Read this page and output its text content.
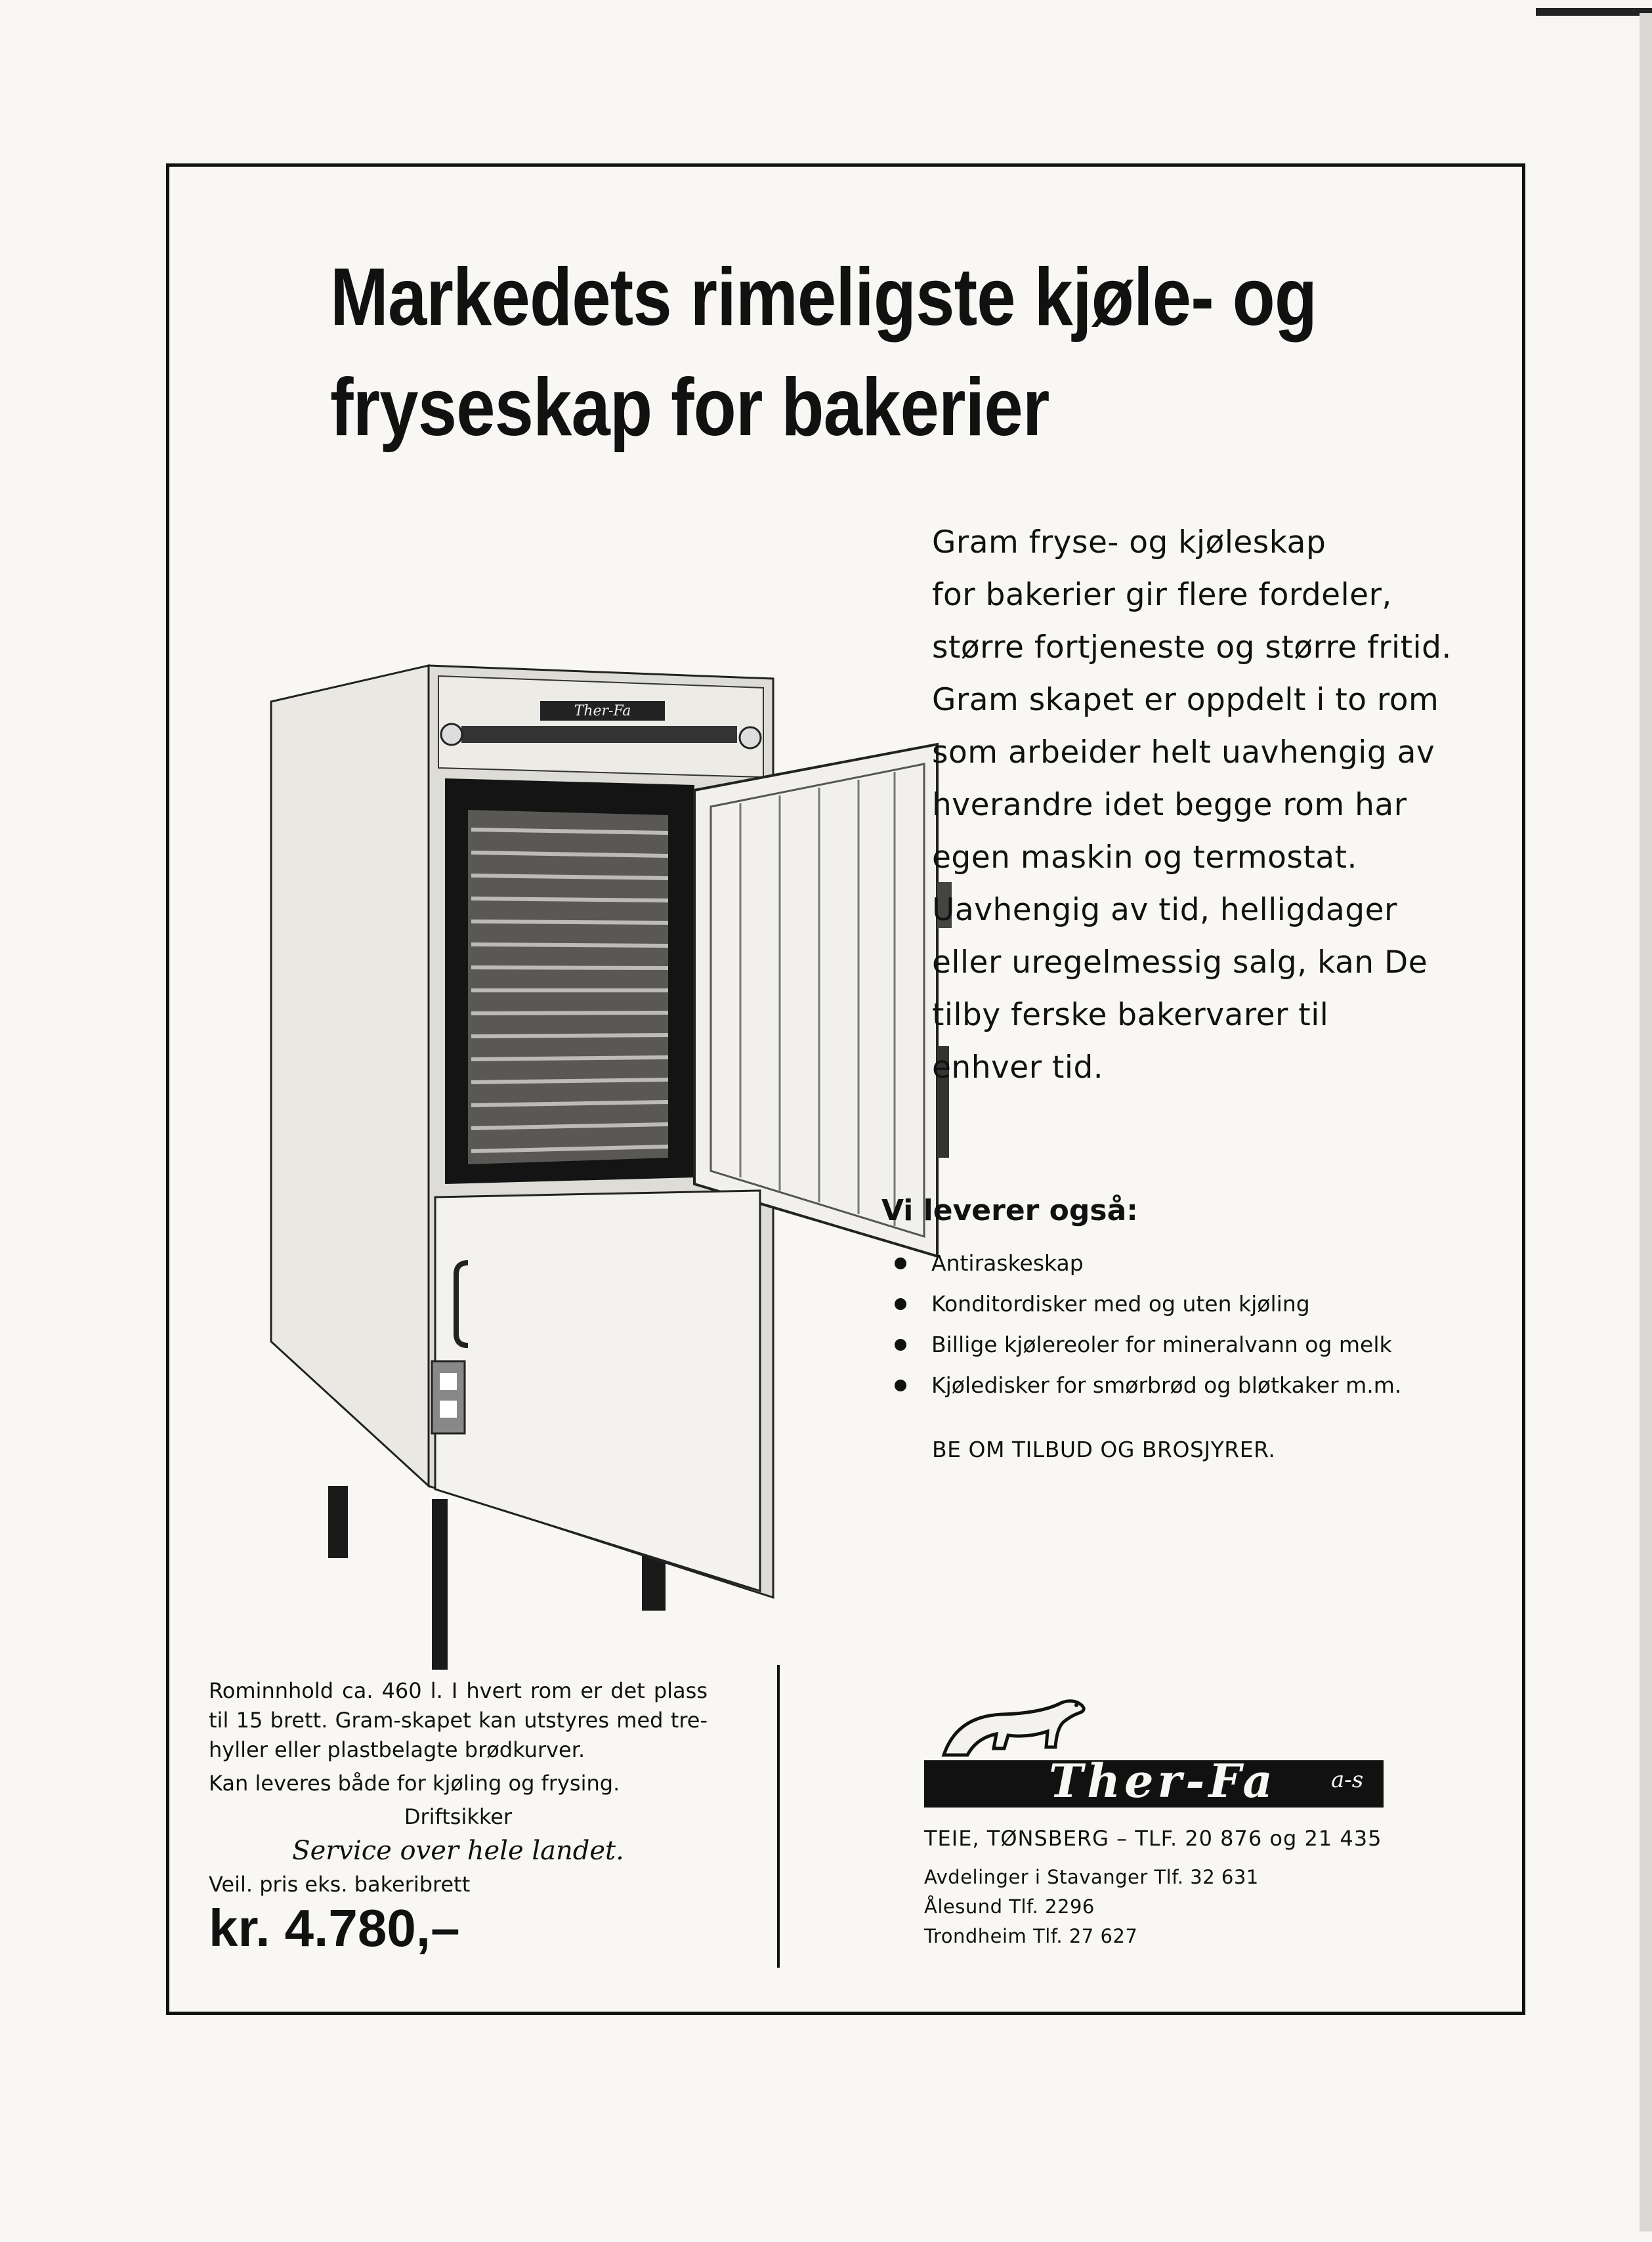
Markedets rimeligste kjøle- og
fryseskap for bakerier
Ther-Fa
Gram fryse- og kjøleskap
for bakerier gir flere fordeler,
større fortjeneste og større fritid.
Gram skapet er oppdelt i to rom
som arbeider helt uavhengig av
hverandre idet begge rom har
egen maskin og termostat.
Uavhengig av tid, helligdager
eller uregelmessig salg, kan De
tilby ferske bakervarer til
enhver tid.
Vi leverer også:
Antiraskeskap
Konditordisker med og uten kjøling
Billige kjølereoler for mineralvann og melk
Kjøledisker for smørbrød og bløtkaker m.m.
BE OM TILBUD OG BROSJYRER.
Rominnhold ca. 460 l. I hvert rom er det plass til 15 brett. Gram-skapet kan utstyres med tre-hyller eller plastbelagte brødkurver.
Kan leveres både for kjøling og frysing.
Driftsikker
Service over hele landet.
Veil. pris eks. bakeribrett
kr. 4.780,–
Ther-Fa a-s
TEIE, TØNSBERG – TLF. 20 876 og 21 435
Avdelinger i Stavanger Tlf. 32 631
Ålesund Tlf. 2296
Trondheim Tlf. 27 627
